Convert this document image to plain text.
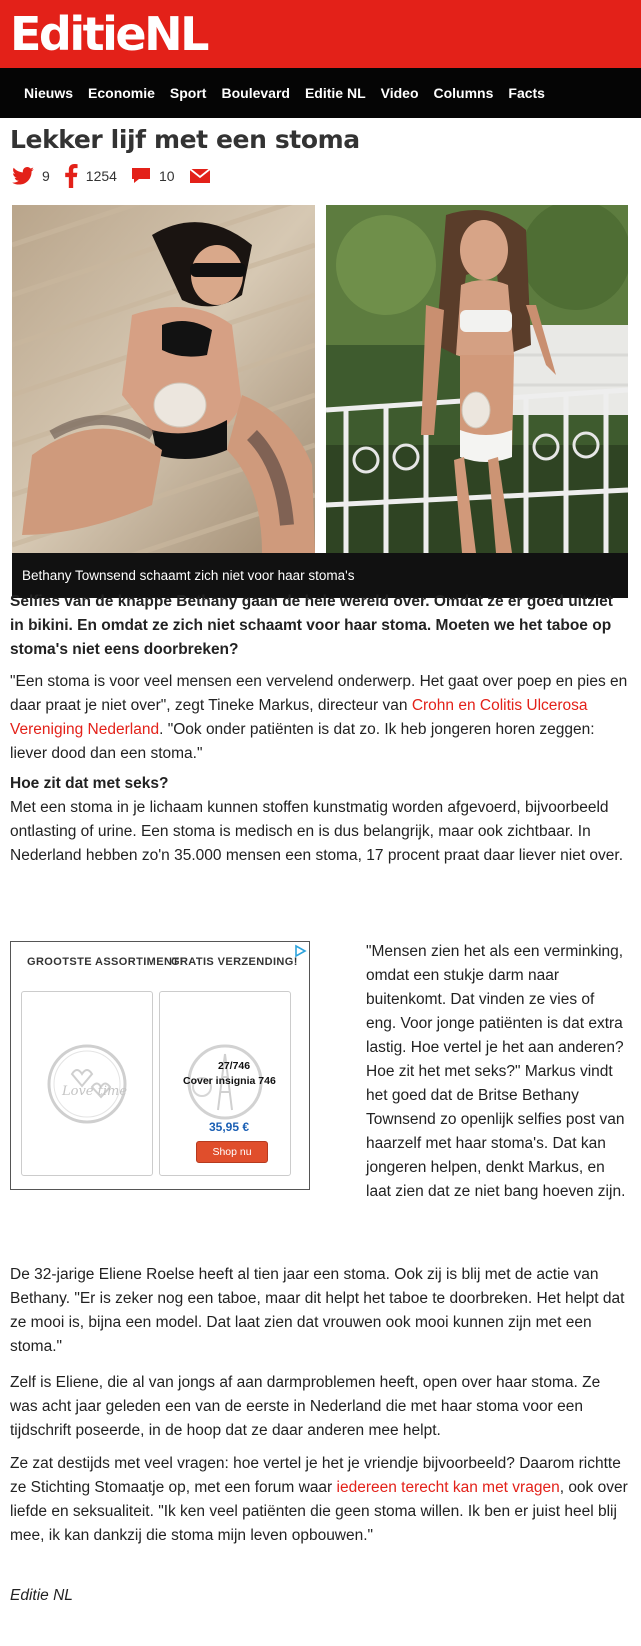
EditieNL
Nieuws Economie Sport Boulevard Editie NL Video Columns Facts
Lekker lijf met een stoma
9	1254	10
Bethany Townsend schaamt zich niet voor haar stoma's

Selfies van de knappe Bethany gaan de hele wereld over. Omdat ze er goed uitziet in bikini. En omdat ze zich niet schaamt voor haar stoma. Moeten we het taboe op stoma's niet eens doorbreken?

"Een stoma is voor veel mensen een vervelend onderwerp. Het gaat over poep en pies en daar praat je niet over", zegt Tineke Markus, directeur van Crohn en Colitis Ulcerosa Vereniging Nederland. "Ook onder patiënten is dat zo. Ik heb jongeren horen zeggen: liever dood dan een stoma."

Hoe zit dat met seks?
Met een stoma in je lichaam kunnen stoffen kunstmatig worden afgevoerd, bijvoorbeeld ontlasting of urine. Een stoma is medisch en is dus belangrijk, maar ook zichtbaar. In Nederland hebben zo'n 35.000 mensen een stoma, 17 procent praat daar liever niet over.

GROOTSTE ASSORTIMENT!
GRATIS VERZENDING!
Love time
27/746
Cover insignia 746
35,95 €
Shop nu

"Mensen zien het als een verminking, omdat een stukje darm naar buitenkomt. Dat vinden ze vies of eng. Voor jonge patiënten is dat extra lastig. Hoe vertel je het aan anderen? Hoe zit het met seks?" Markus vindt het goed dat de Britse Bethany Townsend zo openlijk selfies post van haarzelf met haar stoma's. Dat kan jongeren helpen, denkt Markus, en laat zien dat ze niet bang hoeven zijn.

De 32-jarige Eliene Roelse heeft al tien jaar een stoma. Ook zij is blij met de actie van Bethany. "Er is zeker nog een taboe, maar dit helpt het taboe te doorbreken. Het helpt dat ze mooi is, bijna een model. Dat laat zien dat vrouwen ook mooi kunnen zijn met een stoma."

Zelf is Eliene, die al van jongs af aan darmproblemen heeft, open over haar stoma. Ze was acht jaar geleden een van de eerste in Nederland die met haar stoma voor een tijdschrift poseerde, in de hoop dat ze daar anderen mee helpt.

Ze zat destijds met veel vragen: hoe vertel je het je vriendje bijvoorbeeld? Daarom richtte ze Stichting Stomaatje op, met een forum waar iedereen terecht kan met vragen, ook over liefde en seksualiteit. "Ik ken veel patiënten die geen stoma willen. Ik ben er juist heel blij mee, ik kan dankzij die stoma mijn leven opbouwen."

Editie NL
